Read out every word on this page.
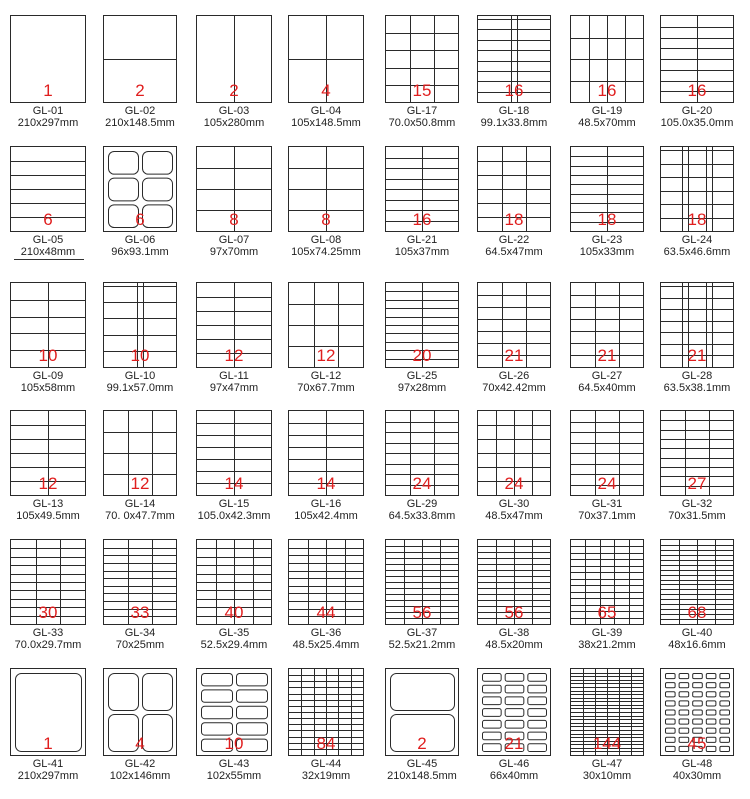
1
GL-01
210x297mm
2
GL-02
210x148.5mm
2
GL-03
105x280mm
4
GL-04
105x148.5mm
15
GL-17
70.0x50.8mm
16
GL-18
99.1x33.8mm
16
GL-19
48.5x70mm
16
GL-20
105.0x35.0mm
6
GL-05
210x48mm
6
GL-06
96x93.1mm
8
GL-07
97x70mm
8
GL-08
105x74.25mm
16
GL-21
105x37mm
18
GL-22
64.5x47mm
18
GL-23
105x33mm
18
GL-24
63.5x46.6mm
10
GL-09
105x58mm
10
GL-10
99.1x57.0mm
12
GL-11
97x47mm
12
GL-12
70x67.7mm
20
GL-25
97x28mm
21
GL-26
70x42.42mm
21
GL-27
64.5x40mm
21
GL-28
63.5x38.1mm
12
GL-13
105x49.5mm
12
GL-14
70. 0x47.7mm
14
GL-15
105.0x42.3mm
14
GL-16
105x42.4mm
24
GL-29
64.5x33.8mm
24
GL-30
48.5x47mm
24
GL-31
70x37.1mm
27
GL-32
70x31.5mm
30
GL-33
70.0x29.7mm
33
GL-34
70x25mm
40
GL-35
52.5x29.4mm
44
GL-36
48.5x25.4mm
56
GL-37
52.5x21.2mm
56
GL-38
48.5x20mm
65
GL-39
38x21.2mm
68
GL-40
48x16.6mm
1
GL-41
210x297mm
4
GL-42
102x146mm
10
GL-43
102x55mm
84
GL-44
32x19mm
2
GL-45
210x148.5mm
21
GL-46
66x40mm
144
GL-47
30x10mm
45
GL-48
40x30mm
